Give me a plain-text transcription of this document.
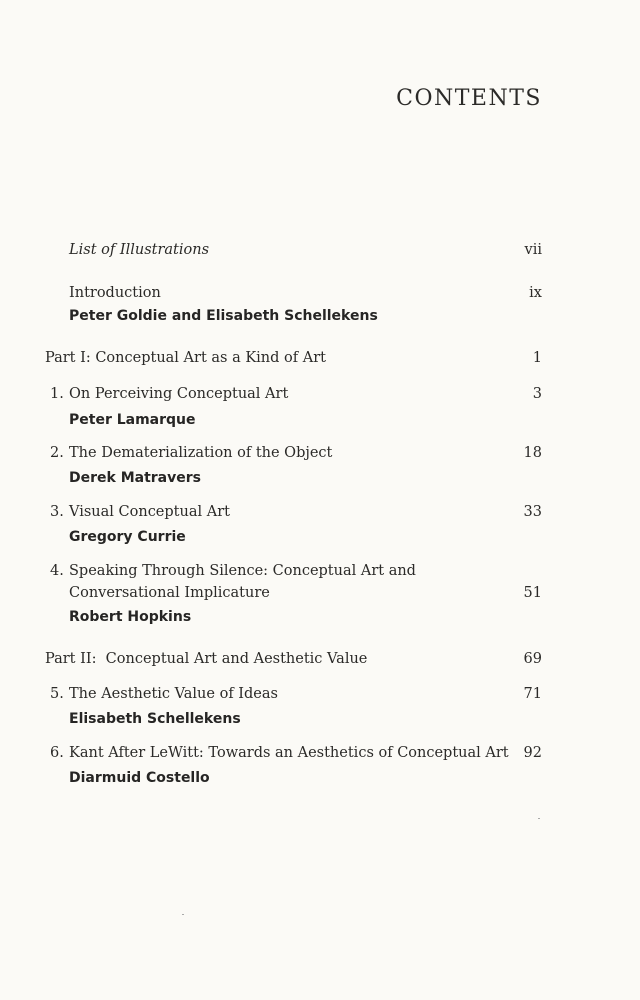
CONTENTS
List of Illustrations	vii
Introduction	ix
Peter Goldie and Elisabeth Schellekens
Part I: Conceptual Art as a Kind of Art	1
1. On Perceiving Conceptual Art	3
Peter Lamarque
2. The Dematerialization of the Object	18
Derek Matravers
3. Visual Conceptual Art	33
Gregory Currie
4. Speaking Through Silence: Conceptual Art and
Conversational Implicature	51
Robert Hopkins
Part II:  Conceptual Art and Aesthetic Value	69
5. The Aesthetic Value of Ideas	71
Elisabeth Schellekens
6. Kant After LeWitt: Towards an Aesthetics of Conceptual Art 92
Diarmuid Costello
